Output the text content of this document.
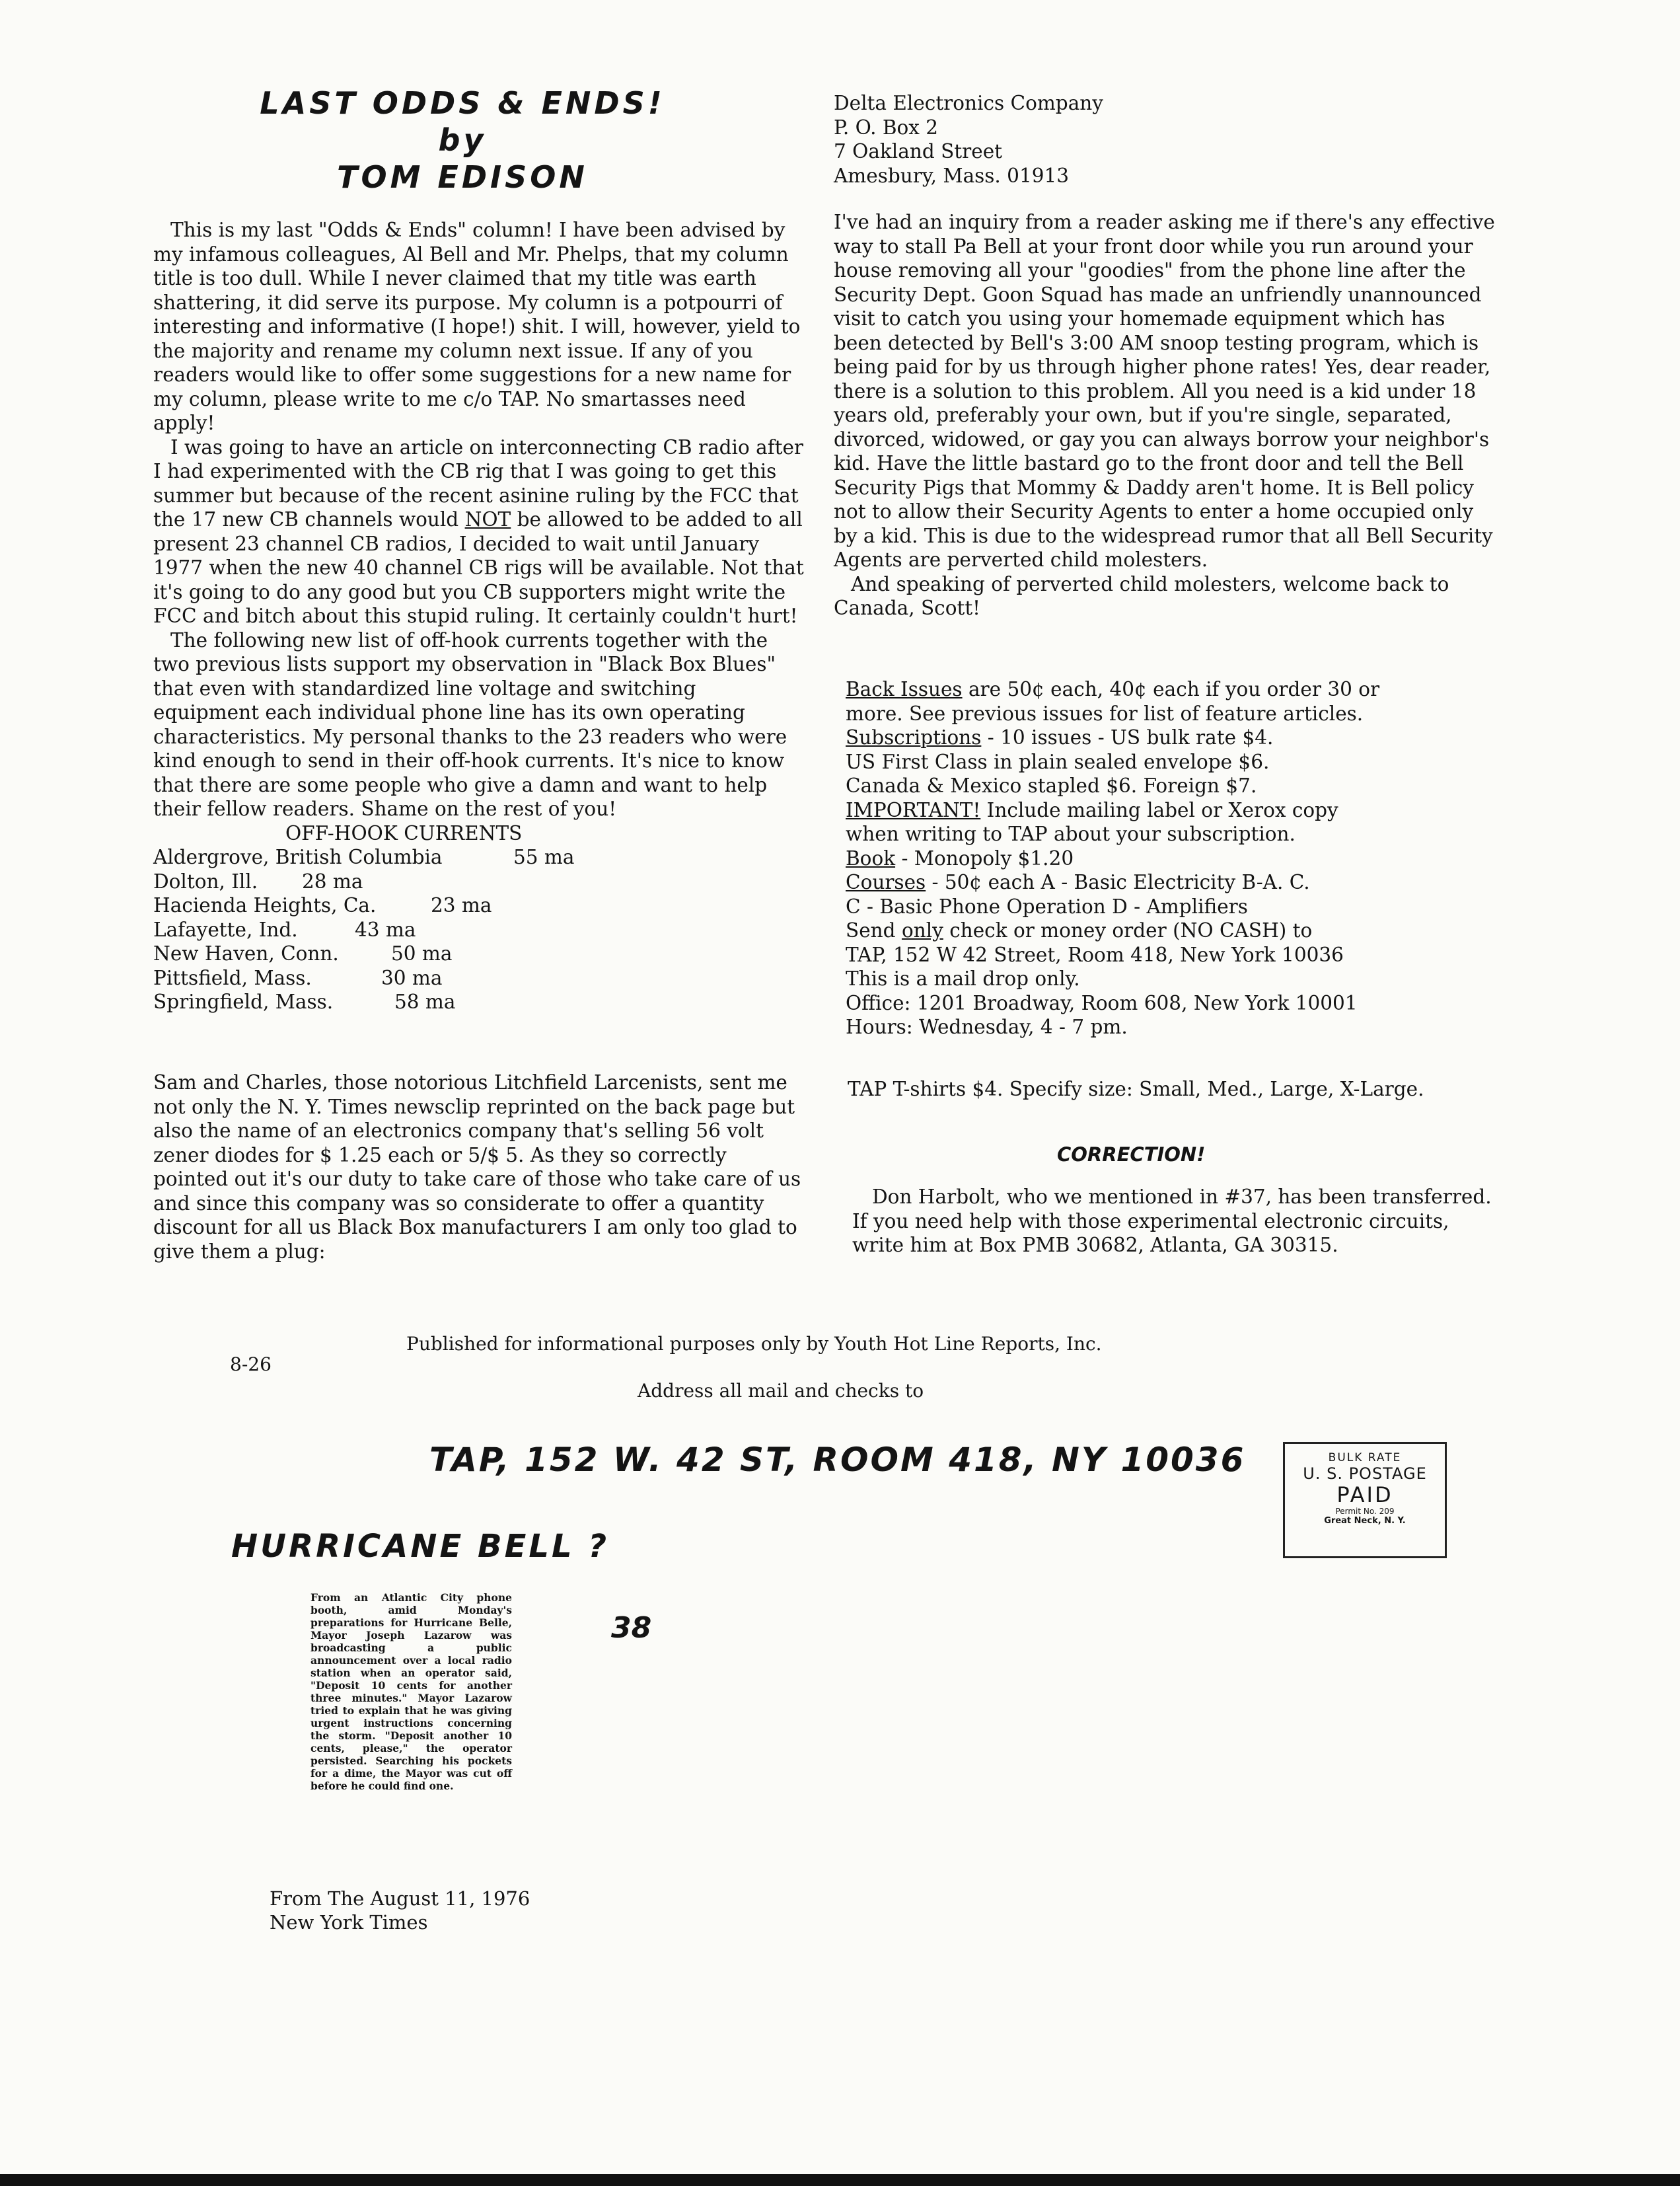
LAST ODDS & ENDS!
by
TOM EDISON

This is my last "Odds & Ends" column! I have been advised by my infamous colleagues, Al Bell and Mr. Phelps, that my column title is too dull. While I never claimed that my title was earth shattering, it did serve its purpose. My column is a potpourri of interesting and informative (I hope!) shit. I will, however, yield to the majority and rename my column next issue. If any of you readers would like to offer some suggestions for a new name for my column, please write to me c/o TAP. No smartasses need apply!

I was going to have an article on interconnecting CB radio after I had experimented with the CB rig that I was going to get this summer but because of the recent asinine ruling by the FCC that the 17 new CB channels would NOT be allowed to be added to all present 23 channel CB radios, I decided to wait until January 1977 when the new 40 channel CB rigs will be available. Not that it's going to do any good but you CB supporters might write the FCC and bitch about this stupid ruling. It certainly couldn't hurt!

The following new list of off-hook currents together with the two previous lists support my observation in "Black Box Blues" that even with standardized line voltage and switching equipment each individual phone line has its own operating characteristics. My personal thanks to the 23 readers who were kind enough to send in their off-hook currents. It's nice to know that there are some people who give a damn and want to help their fellow readers. Shame on the rest of you!

OFF-HOOK CURRENTS
Aldergrove, British Columbia	55 ma
Dolton, Ill. 28 ma
Hacienda Heights, Ca.	23 ma
Lafayette, Ind.	43 ma
New Haven, Conn.	50 ma
Pittsfield, Mass.	30 ma
Springfield, Mass.	58 ma

Sam and Charles, those notorious Litchfield Larcenists, sent me not only the N. Y. Times newsclip reprinted on the back page but also the name of an electronics company that's selling 56 volt zener diodes for $ 1.25 each or 5/$ 5. As they so correctly pointed out it's our duty to take care of those who take care of us and since this company was so considerate to offer a quantity discount for all us Black Box manufacturers I am only too glad to give them a plug:

Delta Electronics Company
P. O. Box 2
7 Oakland Street
Amesbury, Mass. 01913

I've had an inquiry from a reader asking me if there's any effective way to stall Pa Bell at your front door while you run around your house removing all your "goodies" from the phone line after the Security Dept. Goon Squad has made an unfriendly unannounced visit to catch you using your homemade equipment which has been detected by Bell's 3:00 AM snoop testing program, which is being paid for by us through higher phone rates! Yes, dear reader, there is a solution to this problem. All you need is a kid under 18 years old, preferably your own, but if you're single, separated, divorced, widowed, or gay you can always borrow your neighbor's kid. Have the little bastard go to the front door and tell the Bell Security Pigs that Mommy & Daddy aren't home. It is Bell policy not to allow their Security Agents to enter a home occupied only by a kid. This is due to the widespread rumor that all Bell Security Agents are perverted child molesters.

And speaking of perverted child molesters, welcome back to Canada, Scott!

Back Issues are 50¢ each, 40¢ each if you order 30 or
more. See previous issues for list of feature articles.
Subscriptions - 10 issues - US bulk rate $4.
US First Class in plain sealed envelope $6.
Canada & Mexico stapled $6. Foreign $7.
IMPORTANT! Include mailing label or Xerox copy
when writing to TAP about your subscription.
Book - Monopoly $1.20
Courses - 50¢ each A - Basic Electricity B-A. C.
C - Basic Phone Operation D - Amplifiers
Send only check or money order (NO CASH) to
TAP, 152 W 42 Street, Room 418, New York 10036
This is a mail drop only.
Office: 1201 Broadway, Room 608, New York 10001
Hours: Wednesday, 4 - 7 pm.
TAP T-shirts $4. Specify size: Small, Med., Large, X-Large.
CORRECTION!

Don Harbolt, who we mentioned in #37, has been transferred. If you need help with those experimental electronic circuits, write him at Box PMB 30682, Atlanta, GA 30315.

8-26
Published for informational purposes only by Youth Hot Line Reports, Inc.
Address all mail and checks to
TAP, 152 W. 42 ST, ROOM 418, NY 10036	BULK RATE
U. S. POSTAGE
PAID
Permit No. 209
Great Neck, N. Y.
HURRICANE BELL ?
From an Atlantic City phone booth, amid Monday's preparations for Hurricane Belle, Mayor Joseph Lazarow was broadcasting a public announcement over a local radio station when an operator said, "Deposit 10 cents for another three minutes." Mayor Lazarow tried to explain that he was giving urgent instructions concerning the storm. "Deposit another 10 cents, please," the operator persisted. Searching his pockets for a dime, the Mayor was cut off before he could find one.
38
From The August 11, 1976
New York Times
